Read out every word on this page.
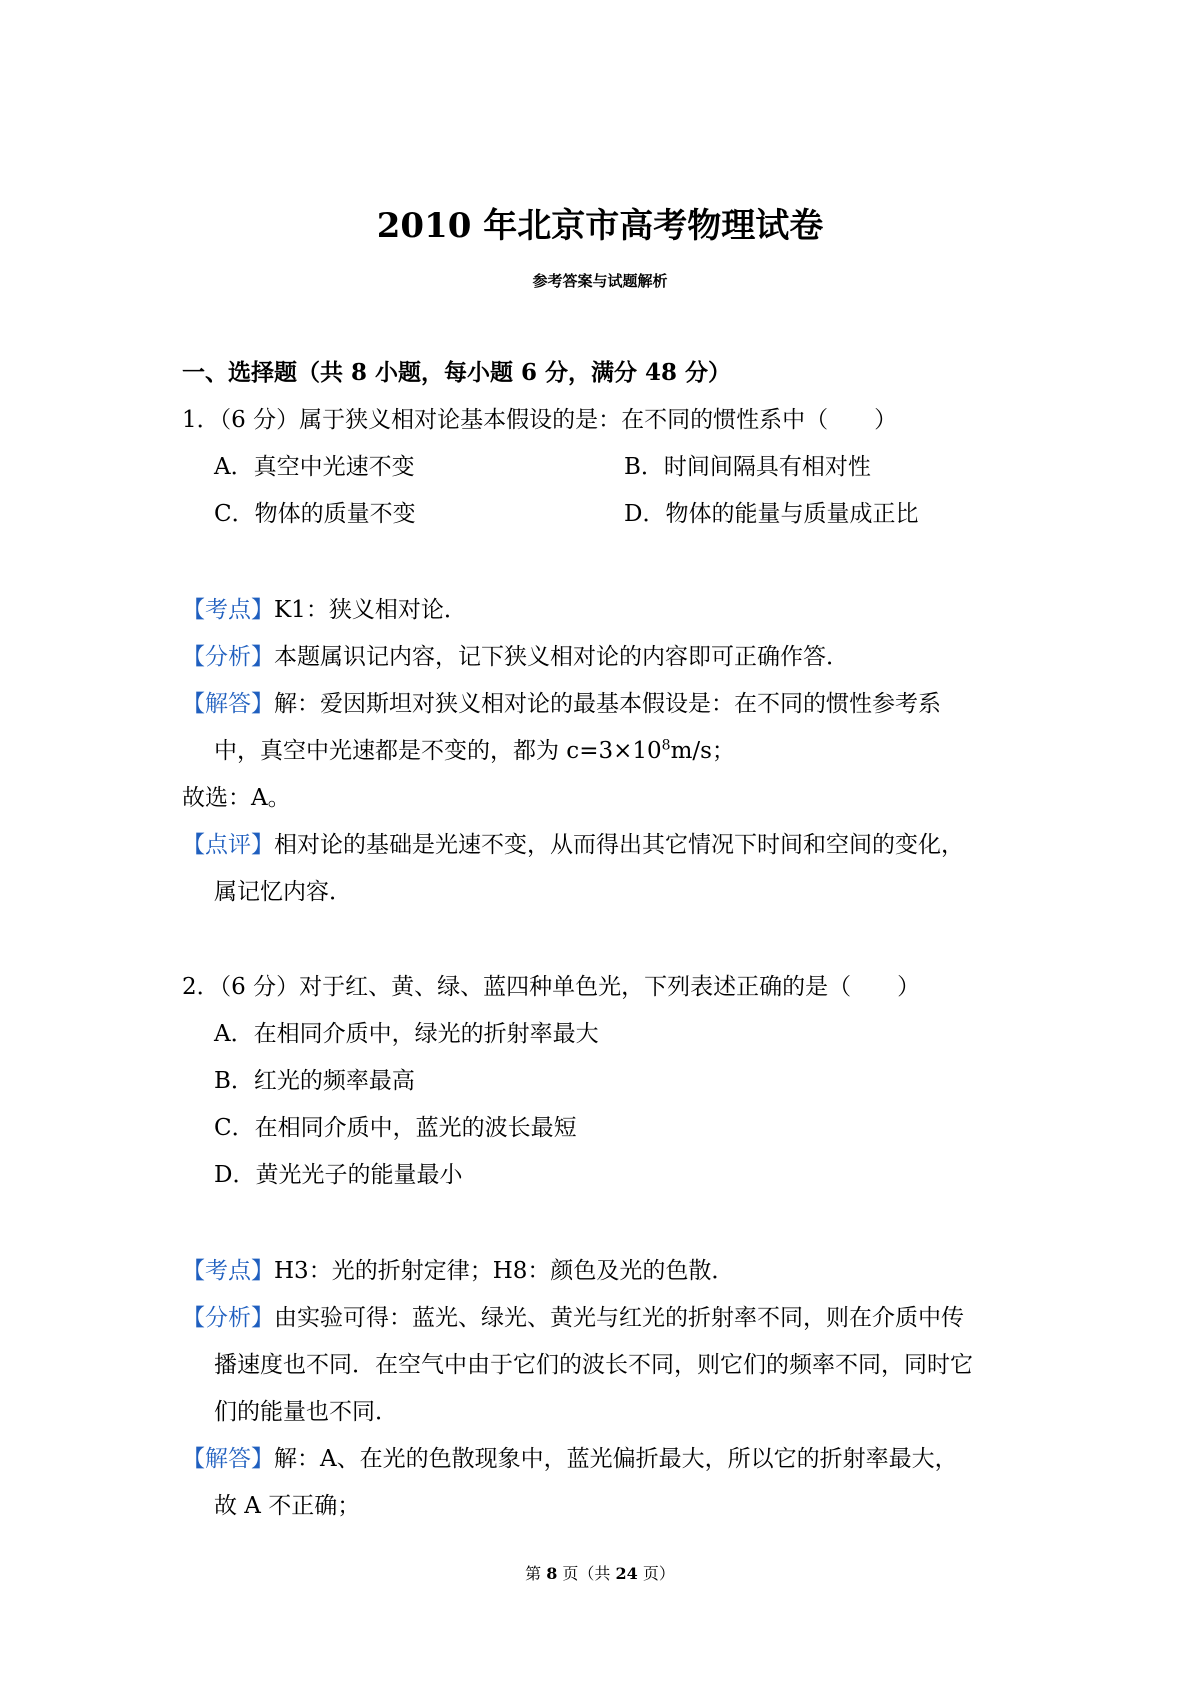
2010 年北京市高考物理试卷
参考答案与试题解析
一、选择题（共 8 小题，每小题 6 分，满分 48 分）
1．（6 分）属于狭义相对论基本假设的是：在不同的惯性系中（　　）
A．真空中光速不变	B．时间间隔具有相对性
C．物体的质量不变	D．物体的能量与质量成正比
【考点】K1：狭义相对论．
【分析】本题属识记内容，记下狭义相对论的内容即可正确作答．
【解答】解：爱因斯坦对狭义相对论的最基本假设是：在不同的惯性参考系
中，真空中光速都是不变的，都为 $c=3\times 10^8m/s$；
故选：A。
【点评】相对论的基础是光速不变，从而得出其它情况下时间和空间的变化，
属记忆内容．
2．（6 分）对于红、黄、绿、蓝四种单色光，下列表述正确的是（　　）
A．在相同介质中，绿光的折射率最大
B．红光的频率最高
C．在相同介质中，蓝光的波长最短
D．黄光光子的能量最小
【考点】H3：光的折射定律；H8：颜色及光的色散．
【分析】由实验可得：蓝光、绿光、黄光与红光的折射率不同，则在介质中传
播速度也不同．在空气中由于它们的波长不同，则它们的频率不同，同时它
们的能量也不同．
【解答】解：A、在光的色散现象中，蓝光偏折最大，所以它的折射率最大，
故 A 不正确；
第 8 页（共 24 页）
